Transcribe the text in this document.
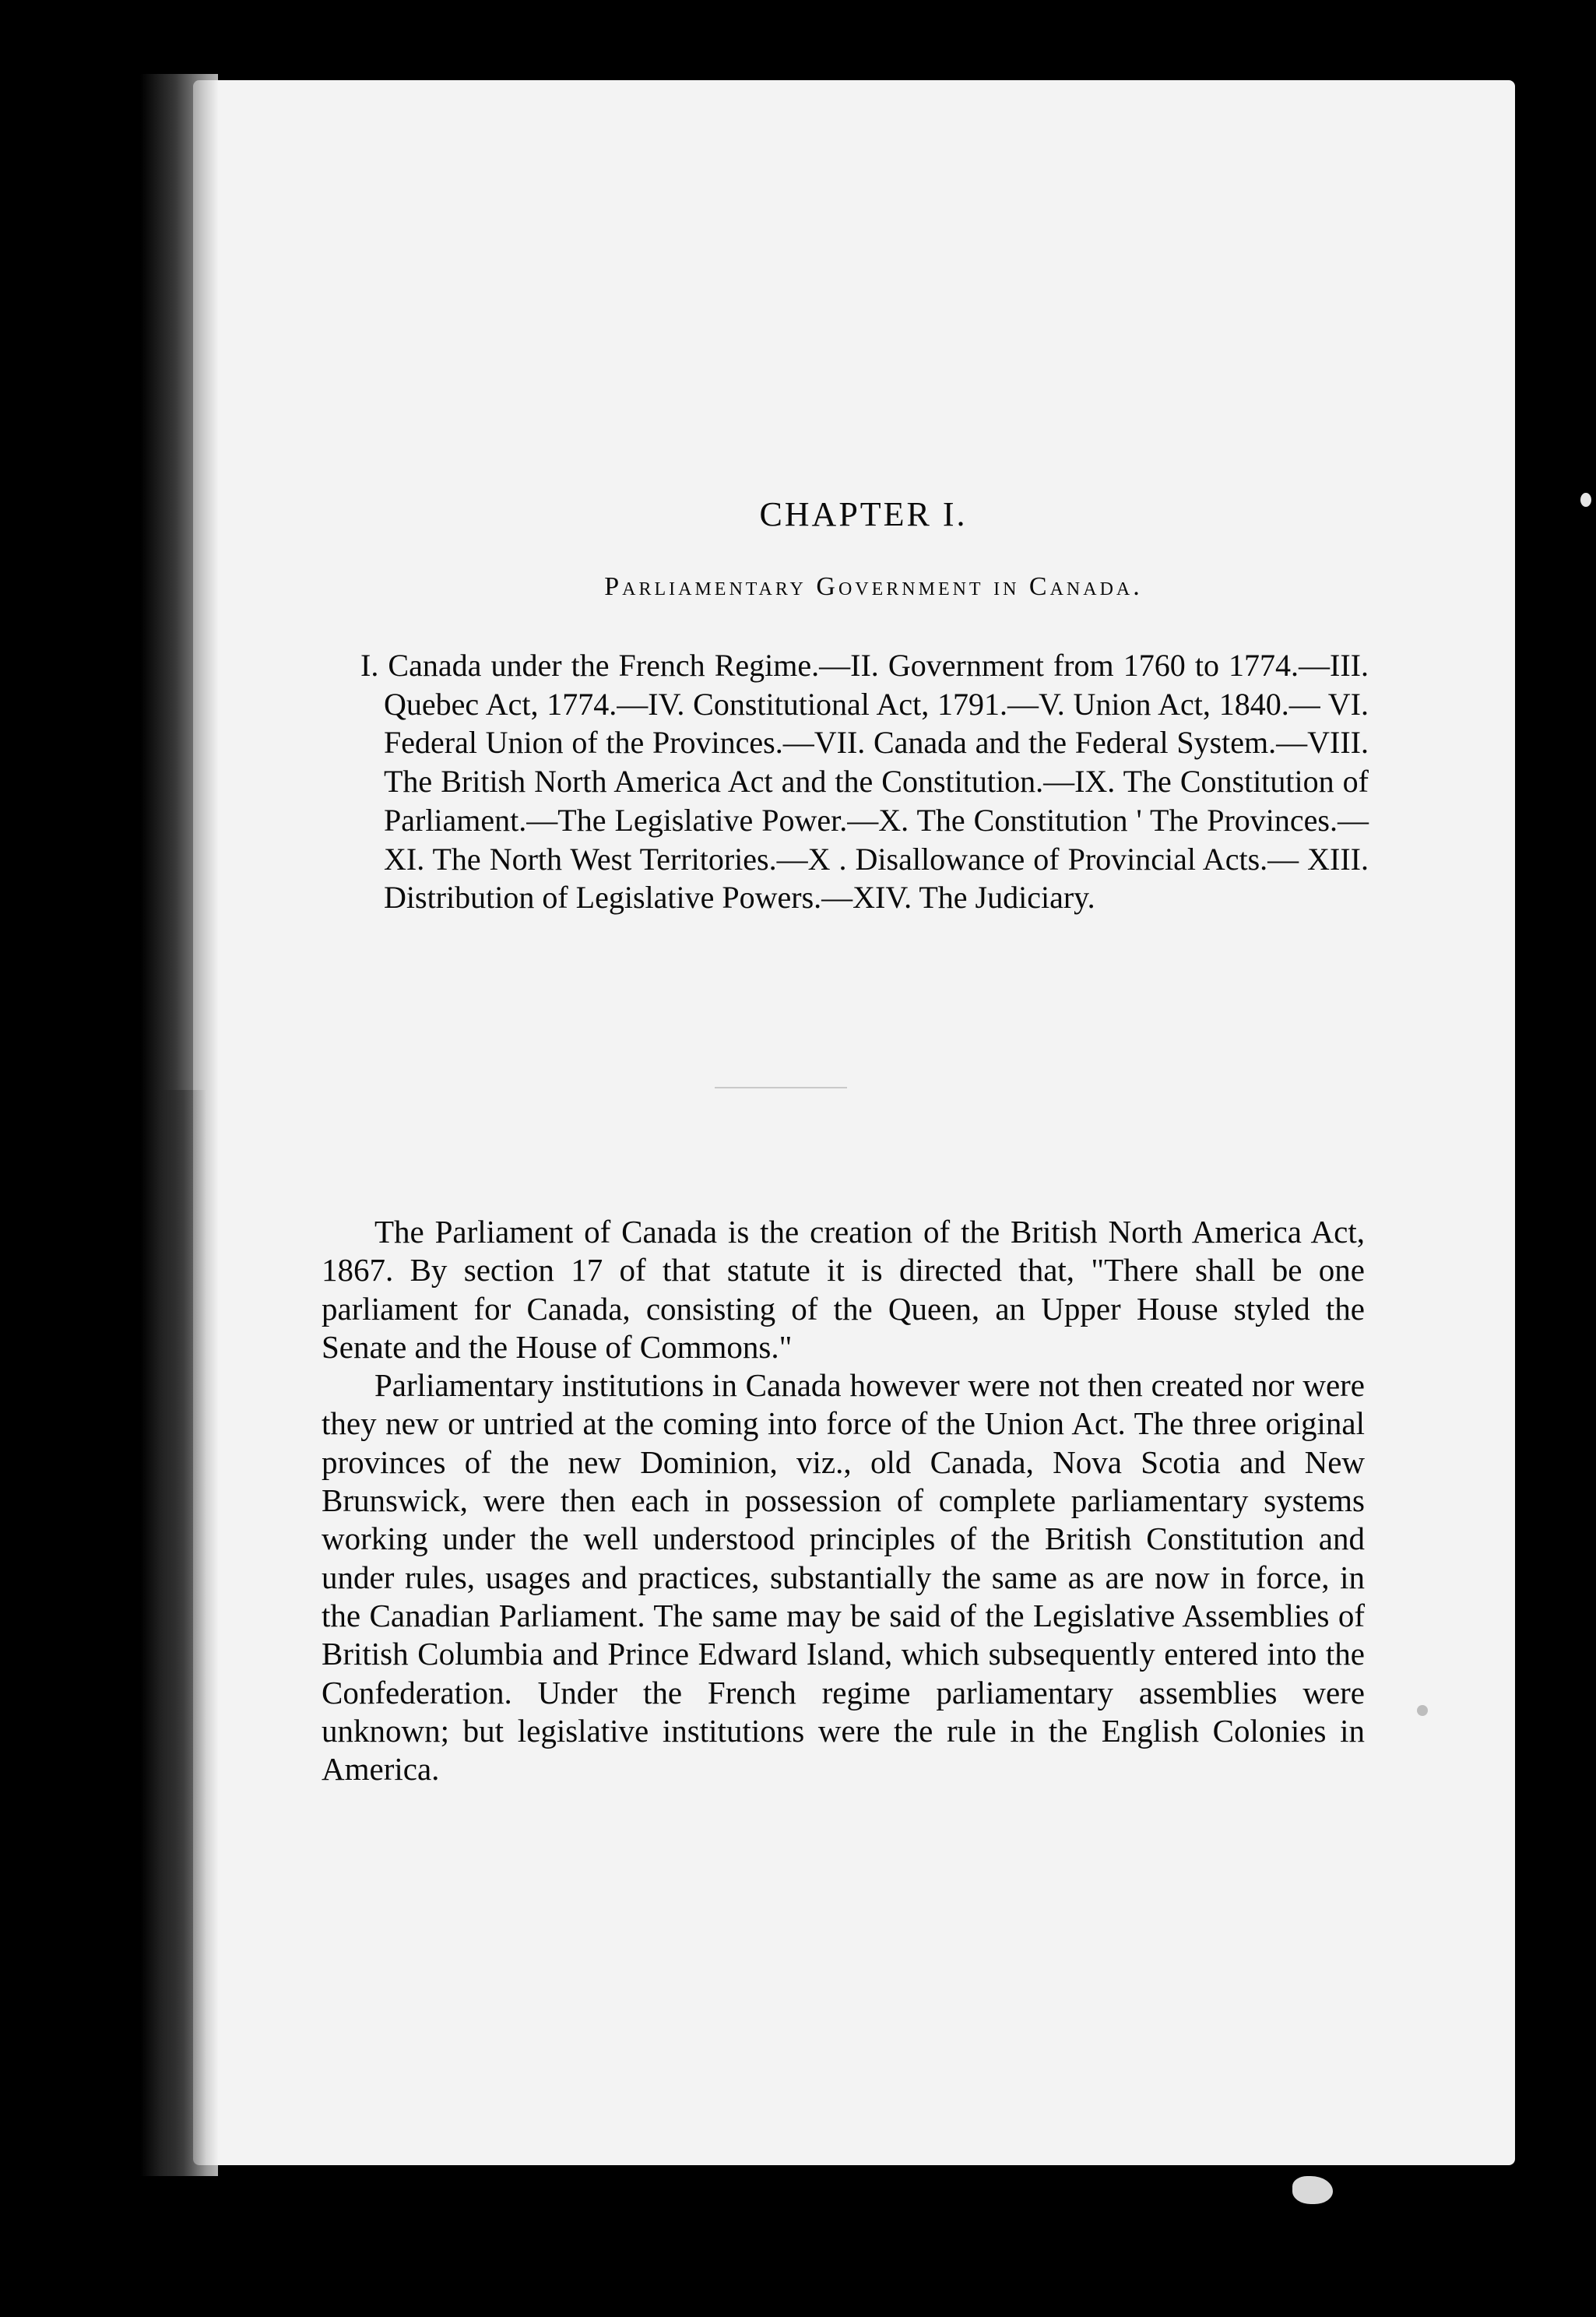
CHAPTER I.
Parliamentary Government in Canada.
I. Canada under the French Regime.—II. Government from 1760 to 1774.—III. Quebec Act, 1774.—IV. Constitutional Act, 1791.—V. Union Act, 1840.— VI. Federal Union of the Provinces.—VII. Canada and the Federal System.—VIII. The British North America Act and the Constitution.—IX. The Constitution of Parliament.—The Legislative Power.—X. The Constitution ' The Provinces.—XI. The North West Territories.—X . Disallowance of Provincial Acts.— XIII. Distribution of Legislative Powers.—XIV. The Judiciary.

The Parliament of Canada is the creation of the British North America Act, 1867. By section 17 of that statute it is directed that, "There shall be one parliament for Canada, consisting of the Queen, an Upper House styled the Senate and the House of Commons."

Parliamentary institutions in Canada however were not then created nor were they new or untried at the coming into force of the Union Act. The three original provinces of the new Dominion, viz., old Canada, Nova Scotia and New Brunswick, were then each in possession of complete parliamentary systems working under the well understood principles of the British Constitution and under rules, usages and practices, substantially the same as are now in force, in the Canadian Parliament. The same may be said of the Legislative Assemblies of British Columbia and Prince Edward Island, which subsequently entered into the Confederation. Under the French regime parliamentary assemblies were unknown; but legislative institutions were the rule in the English Colonies in America.
